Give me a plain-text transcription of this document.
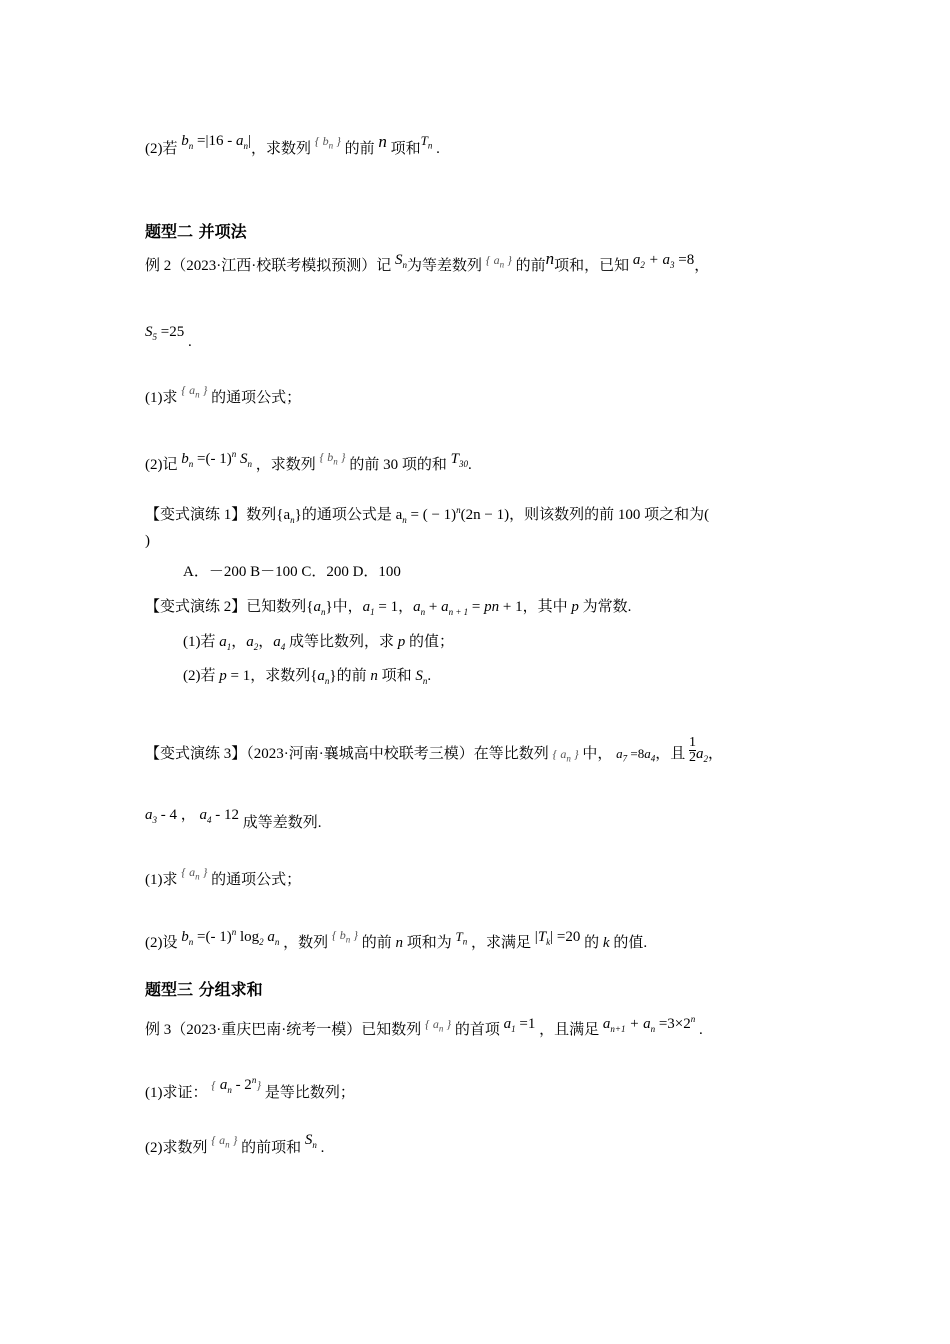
(2)若 $b_n =|16 - a_n|$，求数列 $^{\{ b_n \}}$ 的前 n 项和$T_n$ .
题型二 并项法
例 2（2023·江西·校联考模拟预测）记 $S_n$为等差数列 $^{\{ a_n \}}$ 的前n项和，已知 $a_2 + a_3 =8$，
$S_5 =25$ .
(1)求 $^{\{ a_n \}}$ 的通项公式；
(2)记 $b_n$ =(- 1)$^n$ $S_n$ ，求数列 $^{\{ b_n \}}$ 的前 30 项的和 $T_{30}$.
【变式演练 1】数列$\{a_n\}$的通项公式是 $a_n$ = ( − 1)$^n$(2n − 1)，则该数列的前 100 项之和为(
)
A．－200 B－100 C．200 D．100
【变式演练 2】已知数列$\{a_n\}$中，$a_1 = 1$，$a_n + a_{n + 1}$ = pn + 1，其中 p 为常数.
(1)若 $a_1$，$a_2$，$a_4$ 成等比数列，求 p 的值；
(2)若 p = 1，求数列$\{a_n\}$的前 n 项和 $S_n$.
【变式演练 3】（2023·河南·襄城高中校联考三模）在等比数列 { $a_n$ } 中， $a_7 =8a_4$，且 $\frac{1}{2} a_2$，
$a_3 - 4$ ， $a_4 - 12$ 成等差数列.
(1)求 $^{\{ a_n \}}$ 的通项公式；
(2)设 $b_n$ =(- 1)$^n$ $\log_2 a_n$ ，数列 $^{\{ b_n \}}$ 的前 n 项和为 $T_n$ ，求满足 $|T_k| =20$ 的 k 的值.
题型三 分组求和
例 3（2023·重庆巴南·统考一模）已知数列 $^{\{ a_n \}}$ 的首项 $a_1 =1$ ，且满足 $a_{n+1} + a_n =3\times 2^n$ .
(1)求证： { $a_n - 2^n$} 是等比数列；
(2)求数列 $^{\{ a_n \}}$ 的前项和 $S_n$ .
